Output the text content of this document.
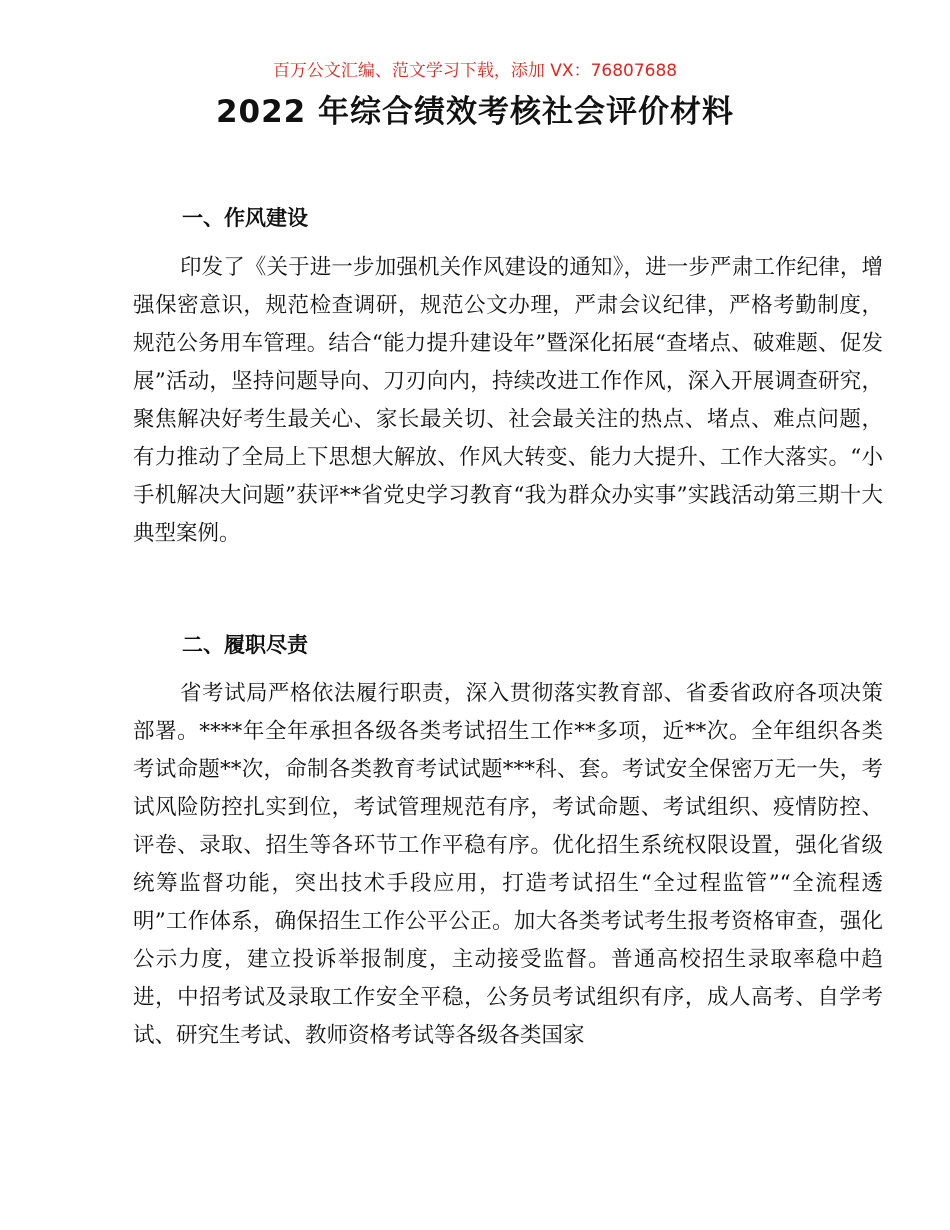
百万公文汇编、范文学习下载，添加 VX：76807688
2022 年综合绩效考核社会评价材料
一、作风建设

印发了《关于进一步加强机关作风建设的通知》，进一步严肃工作纪律，增强保密意识，规范检查调研，规范公文办理，严肃会议纪律，严格考勤制度，规范公务用车管理。结合“能力提升建设年”暨深化拓展“查堵点、破难题、促发展”活动，坚持问题导向、刀刃向内，持续改进工作作风，深入开展调查研究，聚焦解决好考生最关心、家长最关切、社会最关注的热点、堵点、难点问题，有力推动了全局上下思想大解放、作风大转变、能力大提升、工作大落实。“小手机解决大问题”获评**省党史学习教育“我为群众办实事”实践活动第三期十大典型案例。

二、履职尽责

省考试局严格依法履行职责，深入贯彻落实教育部、省委省政府各项决策部署。****年全年承担各级各类考试招生工作**多项，近**次。全年组织各类考试命题**次，命制各类教育考试试题***科、套。考试安全保密万无一失，考试风险防控扎实到位，考试管理规范有序，考试命题、考试组织、疫情防控、评卷、录取、招生等各环节工作平稳有序。优化招生系统权限设置，强化省级统筹监督功能，突出技术手段应用，打造考试招生“全过程监管”“全流程透明”工作体系，确保招生工作公平公正。加大各类考试考生报考资格审查，强化公示力度，建立投诉举报制度，主动接受监督。普通高校招生录取率稳中趋进，中招考试及录取工作安全平稳，公务员考试组织有序，成人高考、自学考试、研究生考试、教师资格考试等各级各类国家
